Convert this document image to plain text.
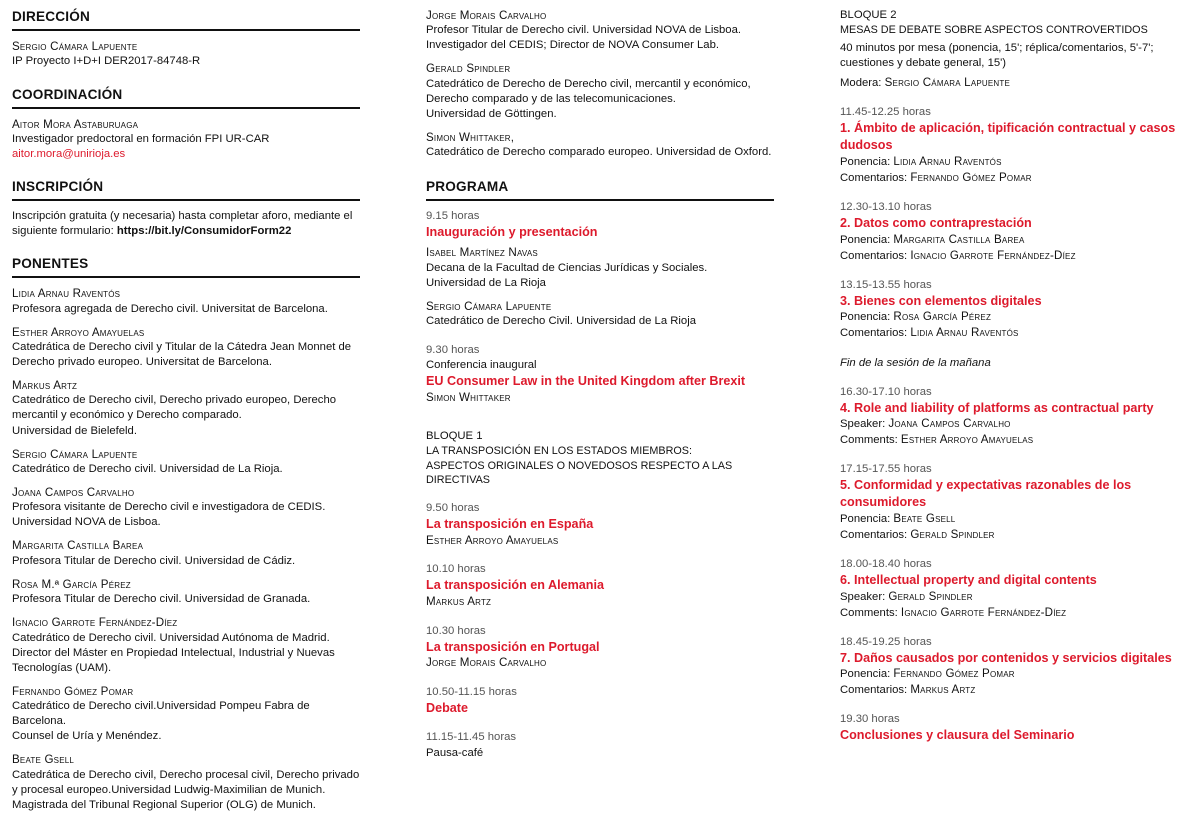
DIRECCIÓN
Sergio Cámara Lapuente
IP Proyecto I+D+I DER2017-84748-R
COORDINACIÓN
Aitor Mora Astaburuaga
Investigador predoctoral en formación FPI UR-CAR
aitor.mora@unirioja.es
INSCRIPCIÓN
Inscripción gratuita (y necesaria) hasta completar aforo, mediante el siguiente formulario: https://bit.ly/ConsumidorForm22
PONENTES
Lidia Arnau Raventós
Profesora agregada de Derecho civil. Universitat de Barcelona.
Esther Arroyo Amayuelas
Catedrática de Derecho civil y Titular de la Cátedra Jean Monnet de
Derecho privado europeo. Universitat de Barcelona.
Markus Artz
Catedrático de Derecho civil, Derecho privado europeo, Derecho
mercantil y económico y Derecho comparado.
Universidad de Bielefeld.
Sergio Cámara Lapuente
Catedrático de Derecho civil. Universidad de La Rioja.
Joana Campos Carvalho
Profesora visitante de Derecho civil e investigadora de CEDIS.
Universidad NOVA de Lisboa.
Margarita Castilla Barea
Profesora Titular de Derecho civil. Universidad de Cádiz.
Rosa M.ª García Pérez
Profesora Titular de Derecho civil. Universidad de Granada.
Ignacio Garrote Fernández-Díez
Catedrático de Derecho civil. Universidad Autónoma de Madrid.
Director del Máster en Propiedad Intelectual, Industrial y Nuevas
Tecnologías (UAM).
Fernando Gómez Pomar
Catedrático de Derecho civil.Universidad Pompeu Fabra de Barcelona.
Counsel de Uría y Menéndez.
Beate Gsell
Catedrática de Derecho civil, Derecho procesal civil, Derecho privado
y procesal europeo.Universidad Ludwig-Maximilian de Munich.
Magistrada del Tribunal Regional Superior (OLG) de Munich.
Jorge Morais Carvalho
Profesor Titular de Derecho civil. Universidad NOVA de Lisboa.
Investigador del CEDIS; Director de NOVA Consumer Lab.
Gerald Spindler
Catedrático de Derecho de Derecho civil, mercantil y económico,
Derecho comparado y de las telecomunicaciones.
Universidad de Göttingen.
Simon Whittaker,
Catedrático de Derecho comparado europeo. Universidad de Oxford.
PROGRAMA
9.15 horas
Inauguración y presentación
Isabel Martínez Navas
Decana de la Facultad de Ciencias Jurídicas y Sociales.
Universidad de La Rioja
Sergio Cámara Lapuente
Catedrático de Derecho Civil. Universidad de La Rioja
9.30 horas
Conferencia inaugural
EU Consumer Law in the United Kingdom after Brexit
Simon Whittaker
BLOQUE 1
LA TRANSPOSICIÓN EN LOS ESTADOS MIEMBROS:
ASPECTOS ORIGINALES O NOVEDOSOS RESPECTO A LAS DIRECTIVAS
9.50 horas
La transposición en España
Esther Arroyo Amayuelas
10.10 horas
La transposición en Alemania
Markus Artz
10.30 horas
La transposición en Portugal
Jorge Morais Carvalho
10.50-11.15 horas
Debate
11.15-11.45 horas
Pausa-café
BLOQUE 2
MESAS DE DEBATE SOBRE ASPECTOS CONTROVERTIDOS
40 minutos por mesa (ponencia, 15'; réplica/comentarios, 5'-7';
cuestiones y debate general, 15')
Modera: Sergio Cámara Lapuente
11.45-12.25 horas
1. Ámbito de aplicación, tipificación contractual y casos dudosos
Ponencia: Lidia Arnau Raventós
Comentarios: Fernando Gómez Pomar
12.30-13.10 horas
2. Datos como contraprestación
Ponencia: Margarita Castilla Barea
Comentarios: Ignacio Garrote Fernández-Díez
13.15-13.55 horas
3. Bienes con elementos digitales
Ponencia: Rosa García Pérez
Comentarios: Lidia Arnau Raventós
Fin de la sesión de la mañana
16.30-17.10 horas
4. Role and liability of platforms as contractual party
Speaker: Joana Campos Carvalho
Comments: Esther Arroyo Amayuelas
17.15-17.55 horas
5. Conformidad y expectativas razonables de los consumidores
Ponencia: Beate Gsell
Comentarios: Gerald Spindler
18.00-18.40 horas
6. Intellectual property and digital contents
Speaker: Gerald Spindler
Comments: Ignacio Garrote Fernández-Díez
18.45-19.25 horas
7. Daños causados por contenidos y servicios digitales
Ponencia: Fernando Gómez Pomar
Comentarios: Markus Artz
19.30 horas
Conclusiones y clausura del Seminario
